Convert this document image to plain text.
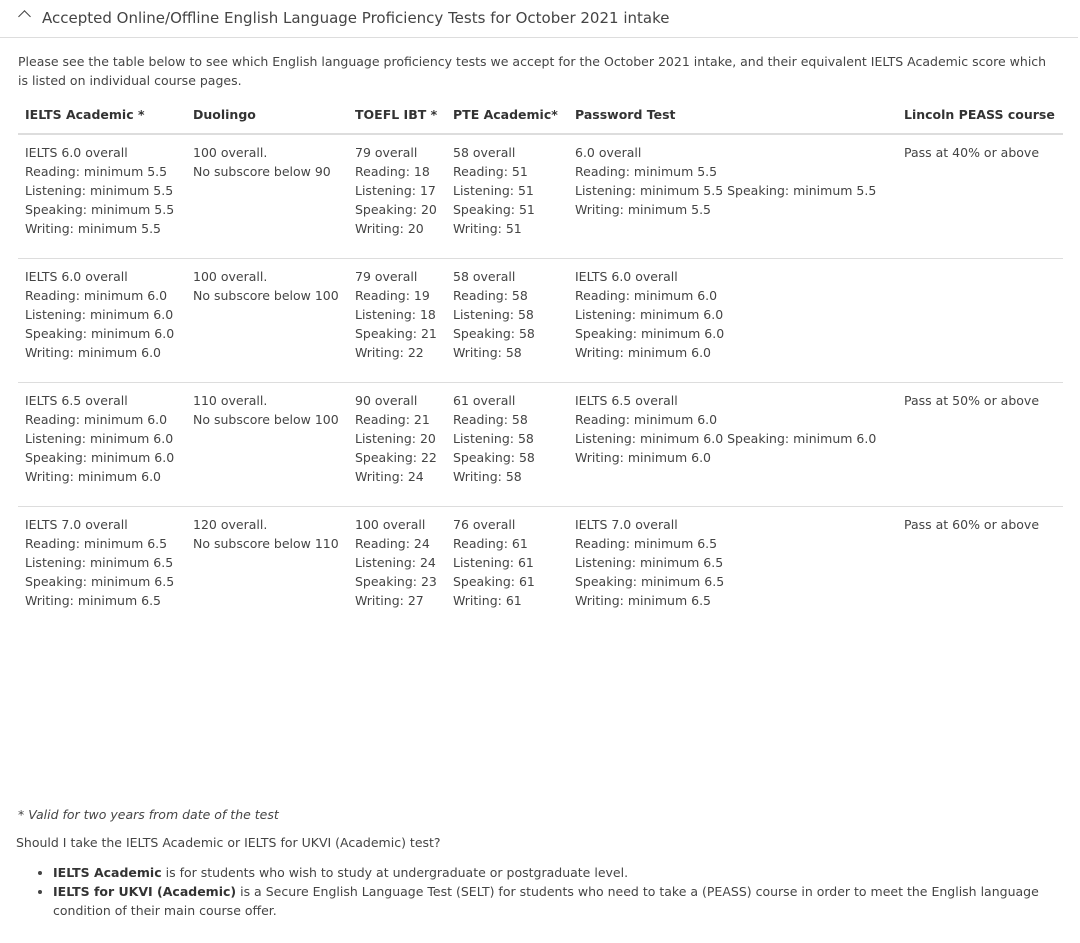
Accepted Online/Offline English Language Proficiency Tests for October 2021 intake

Please see the table below to see which English language proficiency tests we accept for the October 2021 intake, and their equivalent IELTS Academic score which is listed on individual course pages.

IELTS Academic *	Duolingo	TOEFL IBT *	PTE Academic*	Password Test	Lincoln PEASS course

IELTS 6.0 overall
Reading: minimum 5.5
Listening: minimum 5.5
Speaking: minimum 5.5
Writing: minimum 5.5	100 overall.
No subscore below 90	79 overall
Reading: 18
Listening: 17
Speaking: 20
Writing: 20	58 overall
Reading: 51
Listening: 51
Speaking: 51
Writing: 51	6.0 overall
Reading: minimum 5.5
Listening: minimum 5.5 Speaking: minimum 5.5
Writing: minimum 5.5	Pass at 40% or above

IELTS 6.0 overall
Reading: minimum 6.0
Listening: minimum 6.0
Speaking: minimum 6.0
Writing: minimum 6.0	100 overall.
No subscore below 100	79 overall
Reading: 19
Listening: 18
Speaking: 21
Writing: 22	58 overall
Reading: 58
Listening: 58
Speaking: 58
Writing: 58	IELTS 6.0 overall
Reading: minimum 6.0
Listening: minimum 6.0
Speaking: minimum 6.0
Writing: minimum 6.0	

IELTS 6.5 overall
Reading: minimum 6.0
Listening: minimum 6.0
Speaking: minimum 6.0
Writing: minimum 6.0	110 overall.
No subscore below 100	90 overall
Reading: 21
Listening: 20
Speaking: 22
Writing: 24	61 overall
Reading: 58
Listening: 58
Speaking: 58
Writing: 58	IELTS 6.5 overall
Reading: minimum 6.0
Listening: minimum 6.0 Speaking: minimum 6.0
Writing: minimum 6.0	Pass at 50% or above

IELTS 7.0 overall
Reading: minimum 6.5
Listening: minimum 6.5
Speaking: minimum 6.5
Writing: minimum 6.5	120 overall.
No subscore below 110	100 overall
Reading: 24
Listening: 24
Speaking: 23
Writing: 27	76 overall
Reading: 61
Listening: 61
Speaking: 61
Writing: 61	IELTS 7.0 overall
Reading: minimum 6.5
Listening: minimum 6.5
Speaking: minimum 6.5
Writing: minimum 6.5	Pass at 60% or above
* Valid for two years from date of the test
Should I take the IELTS Academic or IELTS for UKVI (Academic) test?
• IELTS Academic is for students who wish to study at undergraduate or postgraduate level.
• IELTS for UKVI (Academic) is a Secure English Language Test (SELT) for students who need to take a (PEASS) course in order to meet the English language condition of their main course offer.
